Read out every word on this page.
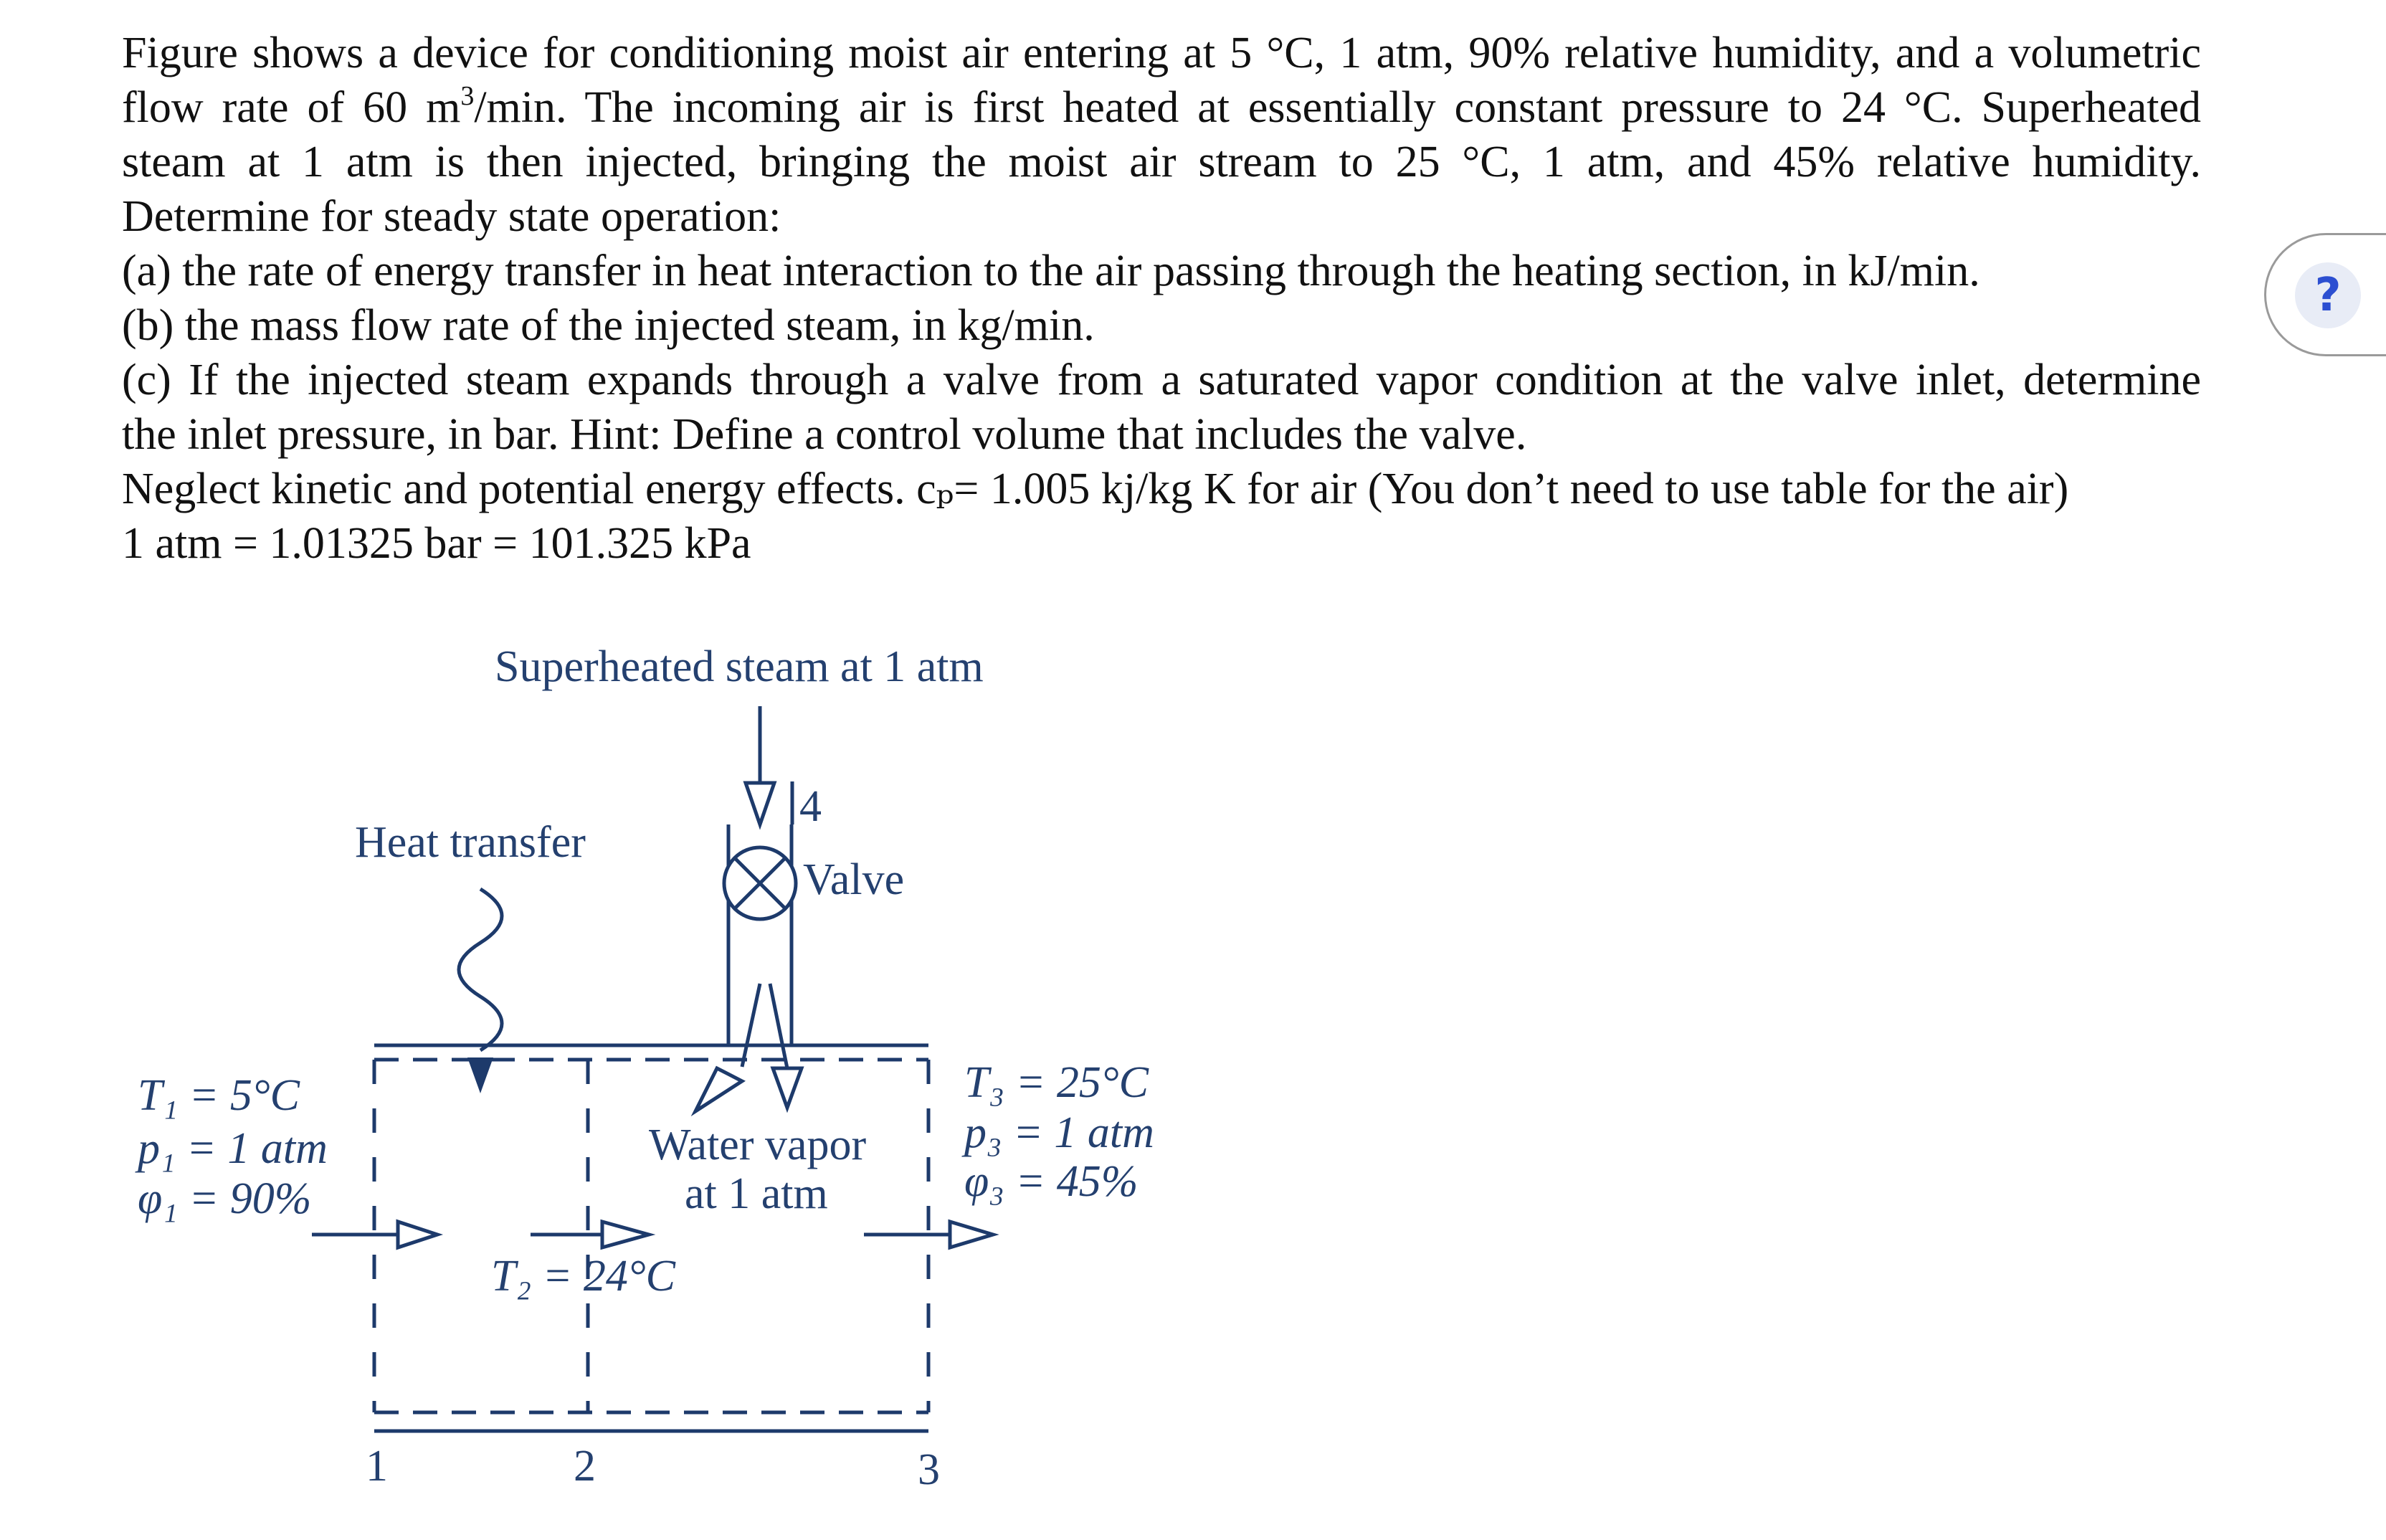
Figure shows a device for conditioning moist air entering at 5 °C, 1 atm, 90% relative humidity, and a volumetric
flow rate of 60 $m^3/\min$. The incoming air is first heated at essentially constant pressure to 24 °C. Superheated
steam at 1 atm is then injected, bringing the moist air stream to 25 °C, 1 atm, and 45% relative humidity.
Determine for steady state operation:
(a) the rate of energy transfer in heat interaction to the air passing through the heating section, in kJ/min.
(b) the mass flow rate of the injected steam, in kg/min.
(c) If the injected steam expands through a valve from a saturated vapor condition at the valve inlet, determine
the inlet pressure, in bar. Hint: Define a control volume that includes the valve.
Neglect kinetic and potential energy effects. cₚ= 1.005 kj/kg K for air (You don’t need to use table for the air)
1 atm = 1.01325 bar = 101.325 kPa
?
Superheated steam at 1 atm
Heat transfer
4
Valve
T₁ = 5°C
p₁ = 1 atm
φ₁ = 90%
Water vapor
at 1 atm
T₂ = 24°C
T₃ = 25°C
p₃ = 1 atm
φ₃ = 45%
1	2	3
